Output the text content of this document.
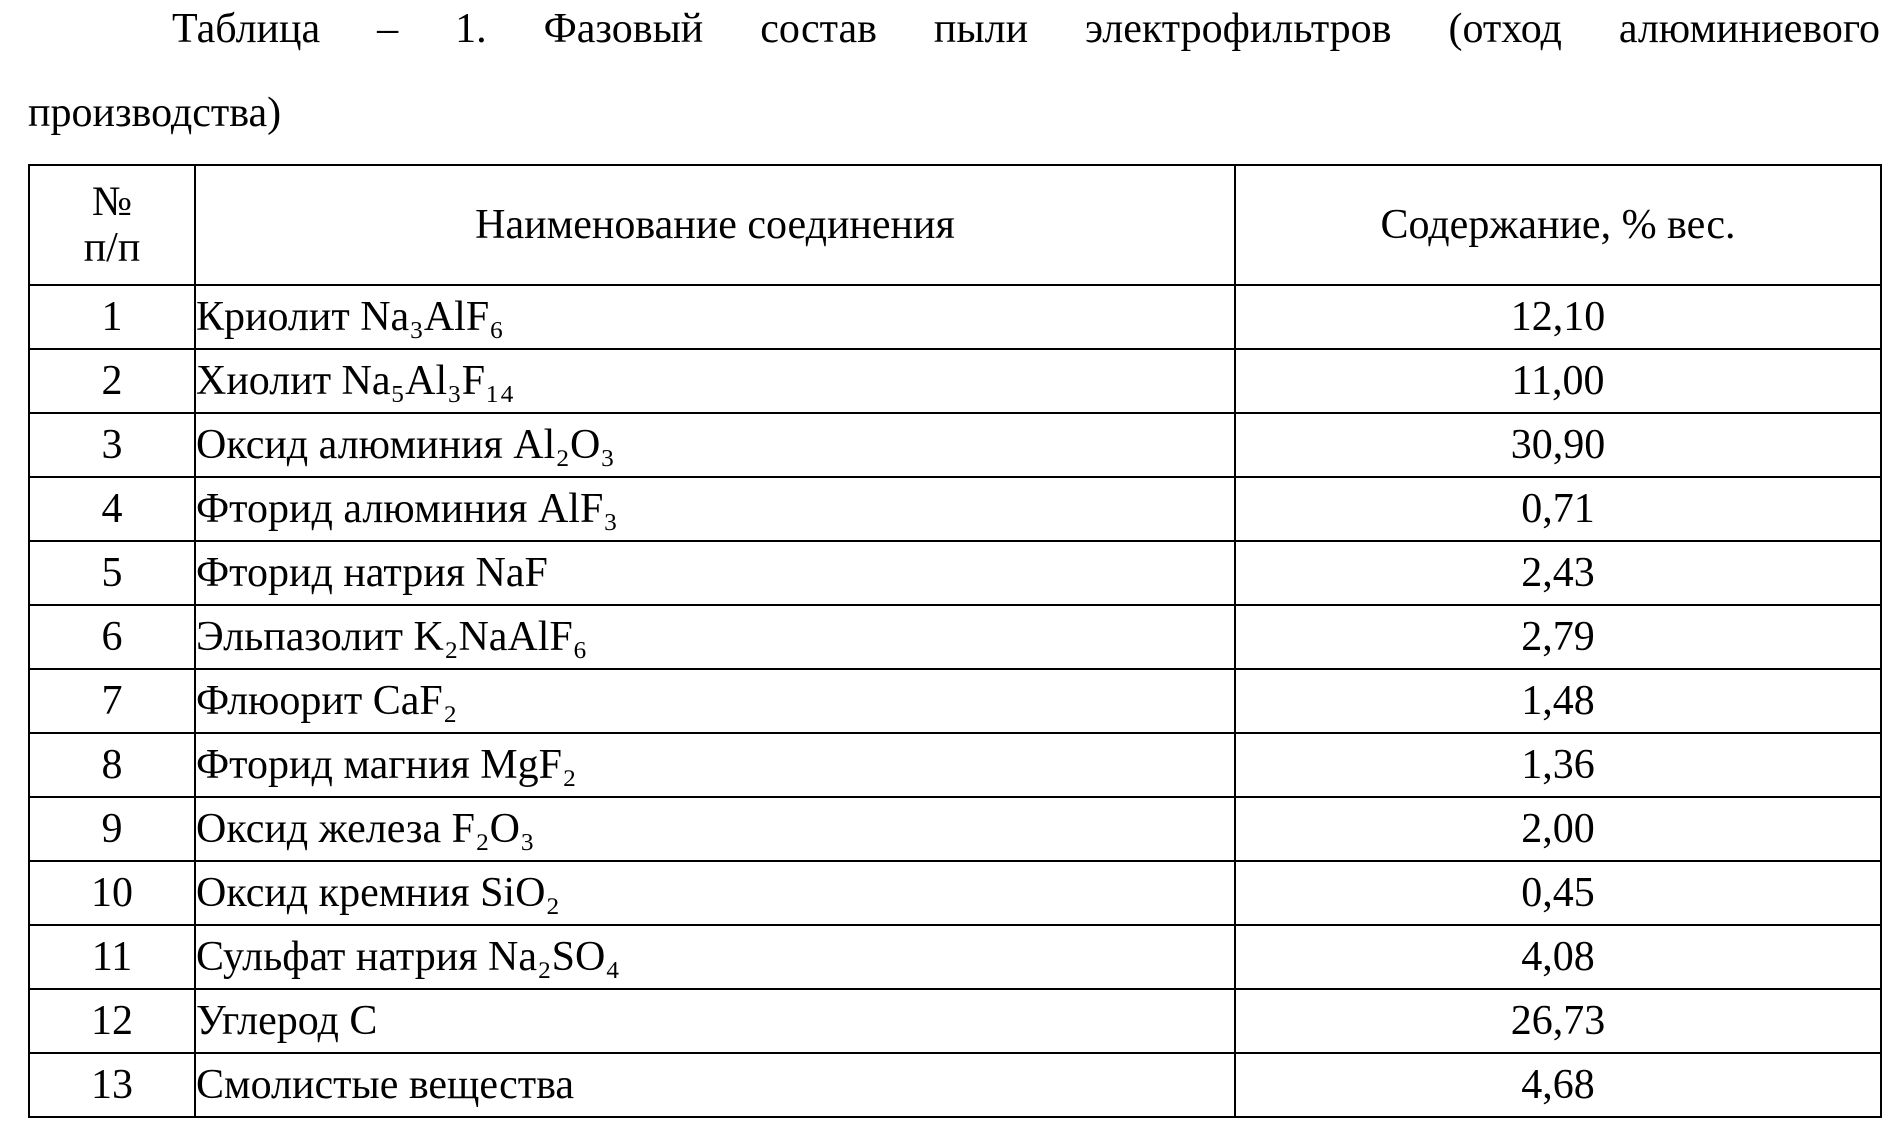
Таблица – 1. Фазовый состав пыли электрофильтров (отход алюминиевого
производства)
№
п/п	Наименование соединения	Содержание, % вес.
1	Криолит Na₃AlF₆	12,10
2	Хиолит Na₅Al₃F₁₄	11,00
3	Оксид алюминия Al₂O₃	30,90
4	Фторид алюминия AlF₃	0,71
5	Фторид натрия NaF	2,43
6	Эльпазолит K₂NaAlF₆	2,79
7	Флюорит CaF₂	1,48
8	Фторид магния MgF₂	1,36
9	Оксид железа F₂O₃	2,00
10	Оксид кремния SiO₂	0,45
11	Сульфат натрия Na₂SO₄	4,08
12	Углерод С	26,73
13	Смолистые вещества	4,68
